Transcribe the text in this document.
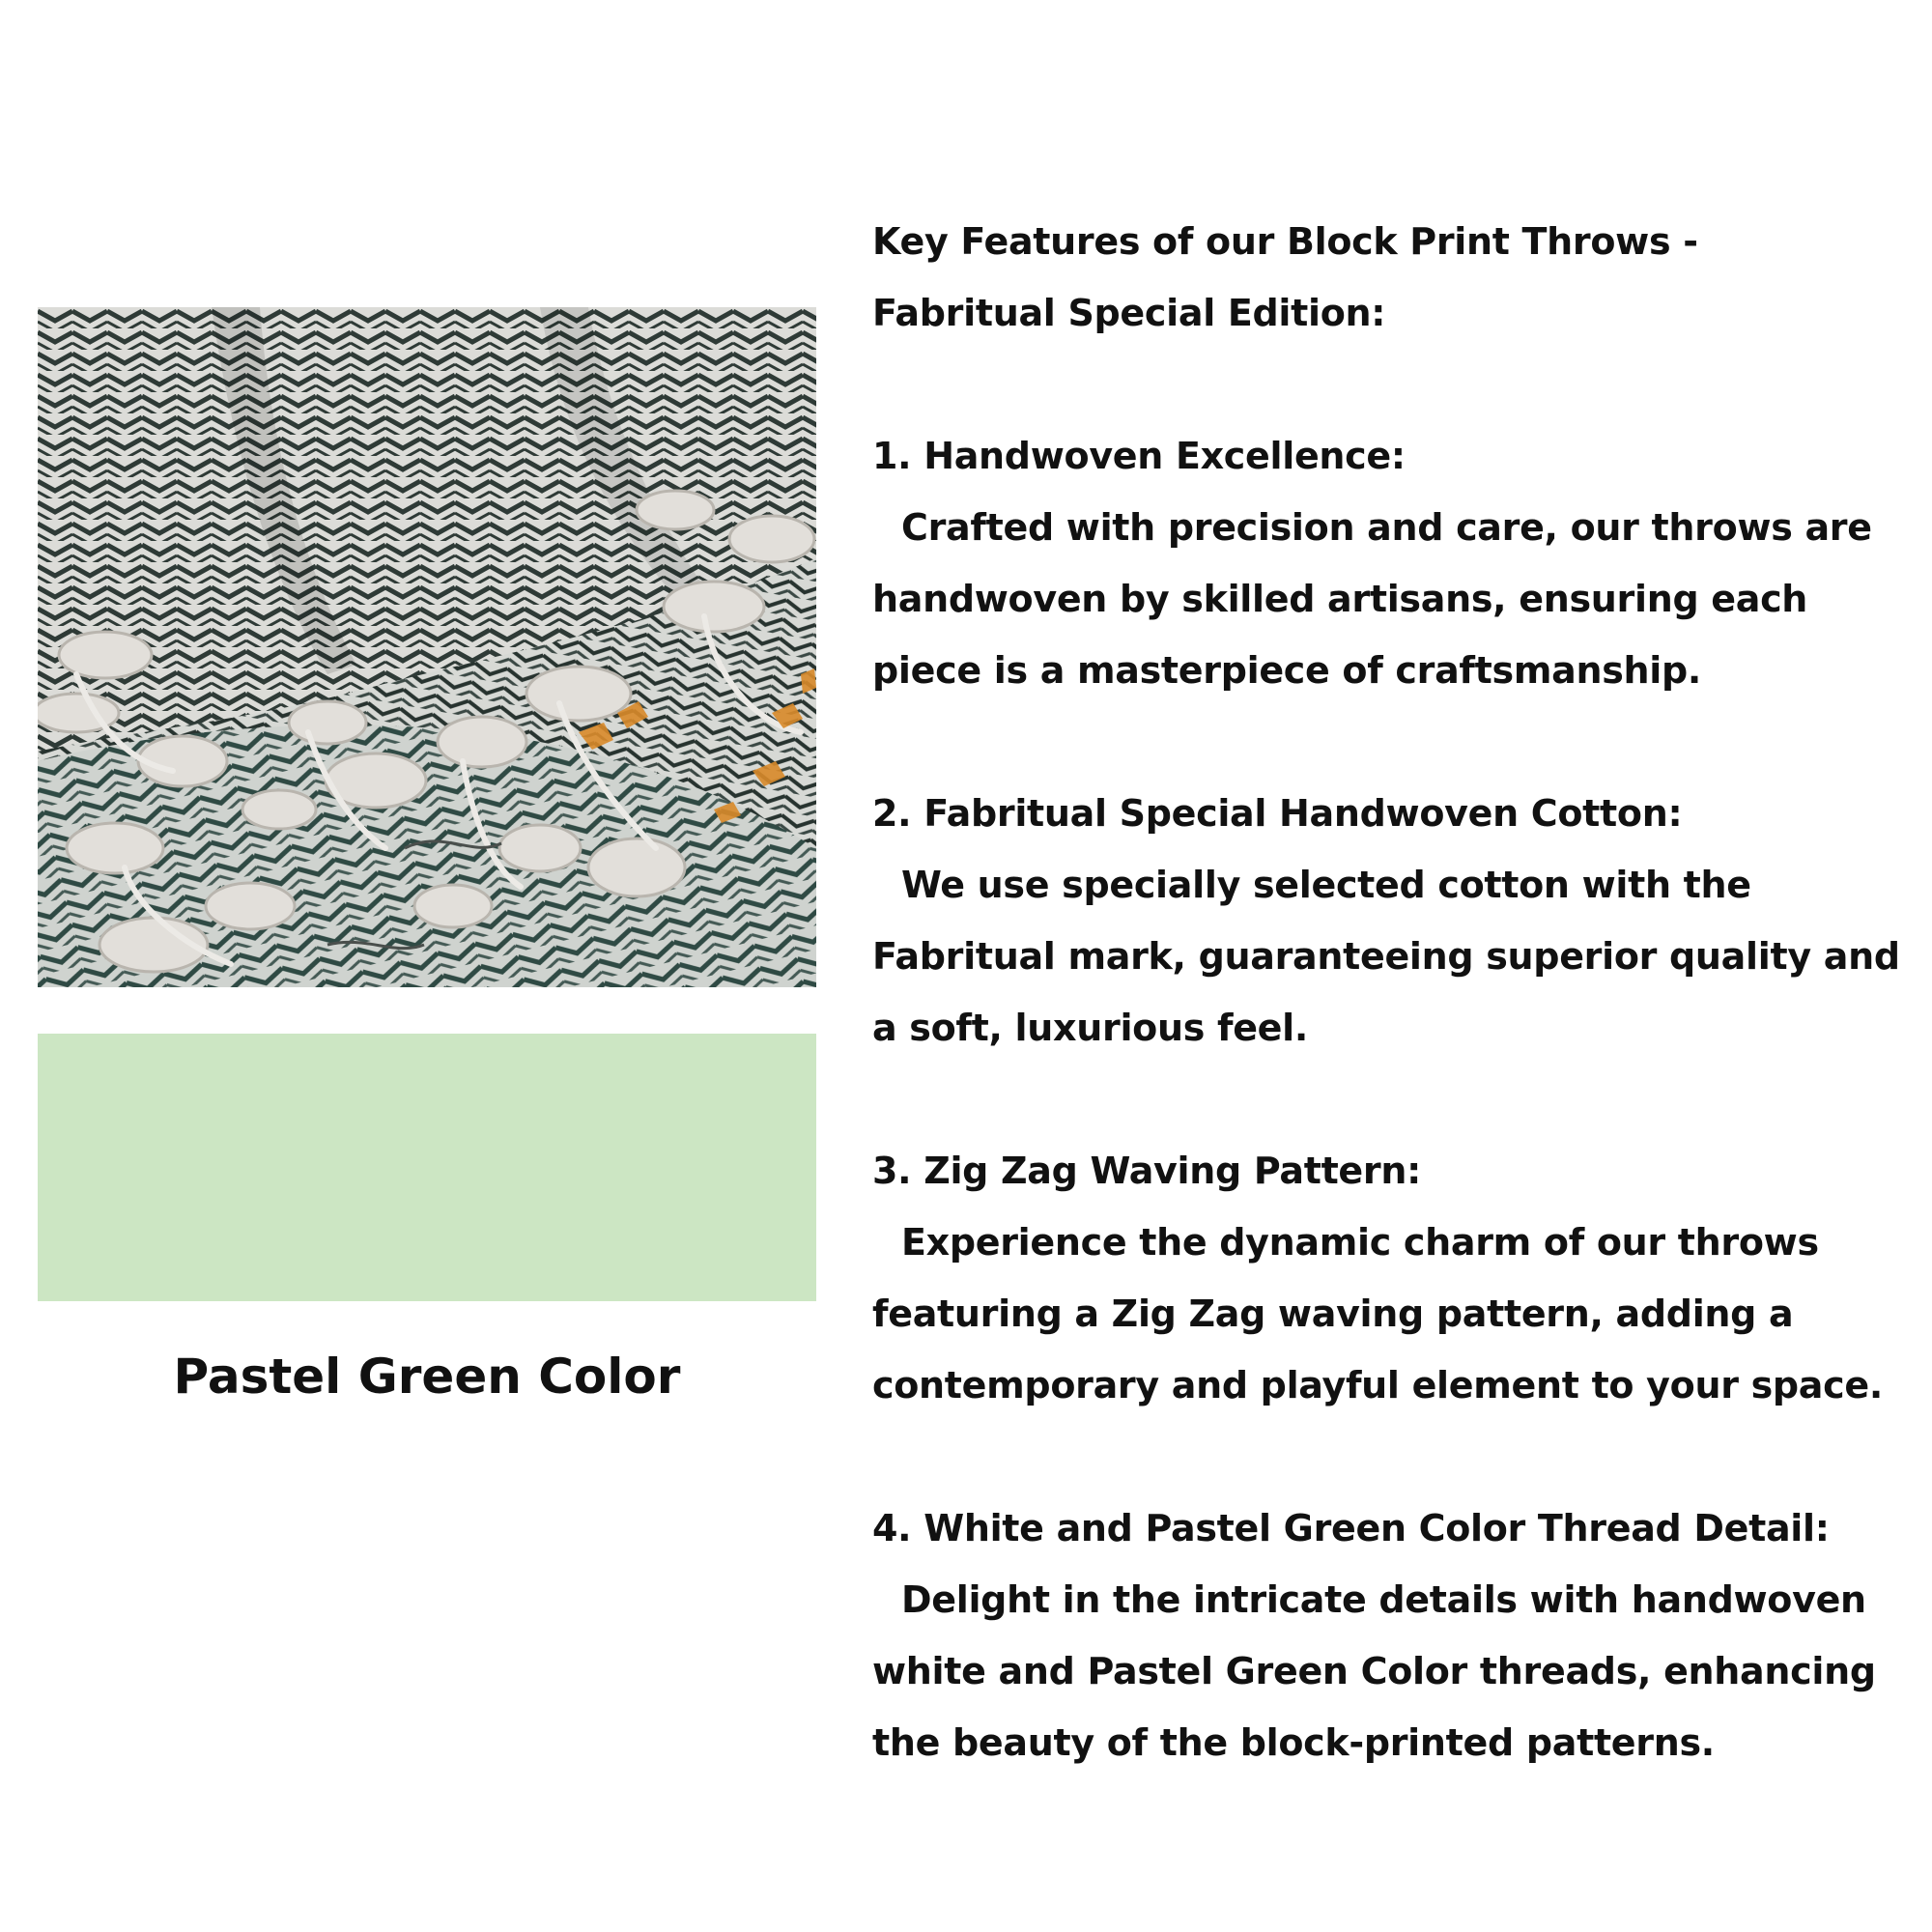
Pastel Green Color
Key Features of our Block Print Throws - Fabritual Special Edition:
1. Handwoven Excellence:
Crafted with precision and care, our throws are handwoven by skilled artisans, ensuring each piece is a masterpiece of craftsmanship.
2. Fabritual Special Handwoven Cotton:
We use specially selected cotton with the Fabritual mark, guaranteeing superior quality and a soft, luxurious feel.
3. Zig Zag Waving Pattern:
Experience the dynamic charm of our throws featuring a Zig Zag waving pattern, adding a contemporary and playful element to your space.
4. White and Pastel Green Color Thread Detail:
Delight in the intricate details with handwoven white and Pastel Green Color threads, enhancing the beauty of the block-printed patterns.
